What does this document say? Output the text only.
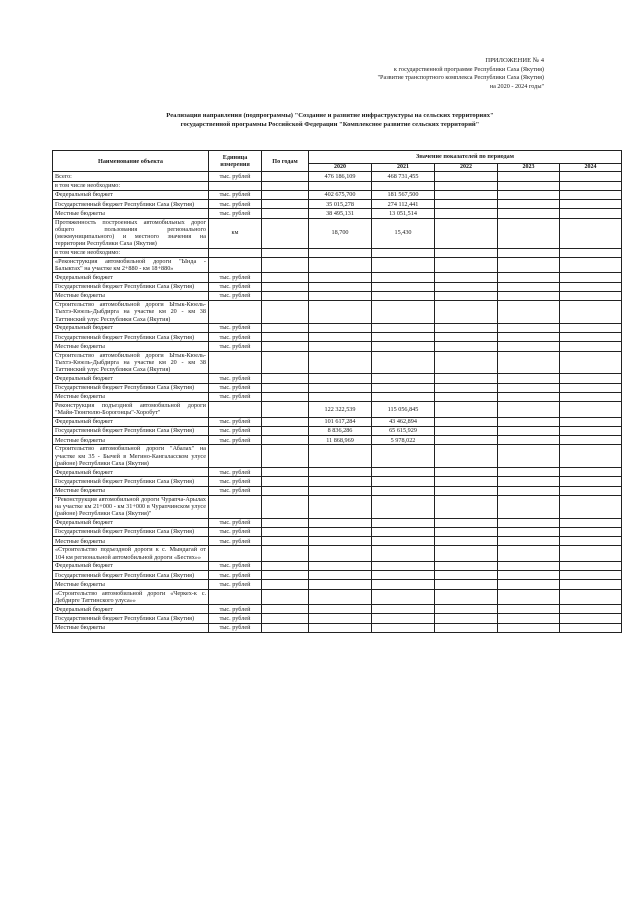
ПРИЛОЖЕНИЕ № 4
к государственной программе Республики Саха (Якутия)
"Развитие транспортного комплекса Республики Саха (Якутия)
на 2020 - 2024 годы"
Реализация направления (подпрограммы) "Создание и развитие инфраструктуры на сельских территориях"
государственной программы Российской Федерации "Комплексное развитие сельских территорий"
Наименование объекта	Единица измерения	По годам	Значение показателей по периодам				
			2020	2021	2022	2023	2024
Всего:	тыс. рублей		476 186,109	468 731,455			
в том числе необходимо:							
Федеральный бюджет	тыс. рублей		402 675,700	181 567,500			
Государственный бюджет Республики Саха (Якутия)	тыс. рублей		35 015,278	274 112,441			
Местные бюджеты	тыс. рублей		38 495,131	13 051,514			
Протяженность построенных автомобильных дорог общего пользования регионального (межмуниципального) и местного значения на территории Республики Саха (Якутия)	км		18,700	15,430			
в том числе необходимо:							
«Реконструкция автомобильной дороги "Ында - Балыктах" на участке км 2+880 - км 18+880»							
Федеральный бюджет	тыс. рублей						
Государственный бюджет Республики Саха (Якутия)	тыс. рублей						
Местные бюджеты	тыс. рублей						
Строительство автомобильной дороги Ытык-Кюель-Тыхтэ-Кюель-Дыбдирга на участке км 20 - км 38 Таттинский улус Республики Саха (Якутия)							
Федеральный бюджет	тыс. рублей						
Государственный бюджет Республики Саха (Якутия)	тыс. рублей						
Местные бюджеты	тыс. рублей						
Строительство автомобильной дороги Ытык-Кюель-Тыхтэ-Кюель-Дыбдирга на участке км 20 - км 38 Таттинский улус Республики Саха (Якутия)							
Федеральный бюджет	тыс. рублей						
Государственный бюджет Республики Саха (Якутия)	тыс. рублей						
Местные бюджеты	тыс. рублей						
Реконструкция подъездной автомобильной дороги "Майя-Тюнгюлю-Борогонцы"-Хоробут"			122 322,539	115 056,845			
Федеральный бюджет	тыс. рублей		101 617,284	43 462,894			
Государственный бюджет Республики Саха (Якутия)	тыс. рублей		8 836,286	65 615,929			
Местные бюджеты	тыс. рублей		11 868,969	5 978,022			
Строительство автомобильной дороги "Абалах" на участке км 35 - Бычей в Мегино-Кангаласском улусе (районе) Республики Саха (Якутия)							
Федеральный бюджет	тыс. рублей						
Государственный бюджет Республики Саха (Якутия)	тыс. рублей						
Местные бюджеты	тыс. рублей						
"Реконструкция автомобильной дороги Чурапча-Арылах на участке км 21+000 - км 31+000 в Чурапчинском улусе (районе) Республики Саха (Якутия)"							
Федеральный бюджет	тыс. рублей						
Государственный бюджет Республики Саха (Якутия)	тыс. рублей						
Местные бюджеты	тыс. рублей						
«Строительство подъездной дороги к с. Мындагай от 104 км региональной автомобильной дороги «Бестях»»							
Федеральный бюджет	тыс. рублей						
Государственный бюджет Республики Саха (Якутия)	тыс. рублей						
Местные бюджеты	тыс. рублей						
«Строительство автомобильной дороги «Черкех-к с. Дебдирге Таттинского улуса»»							
Федеральный бюджет	тыс. рублей						
Государственный бюджет Республики Саха (Якутия)	тыс. рублей						
Местные бюджеты	тыс. рублей						
